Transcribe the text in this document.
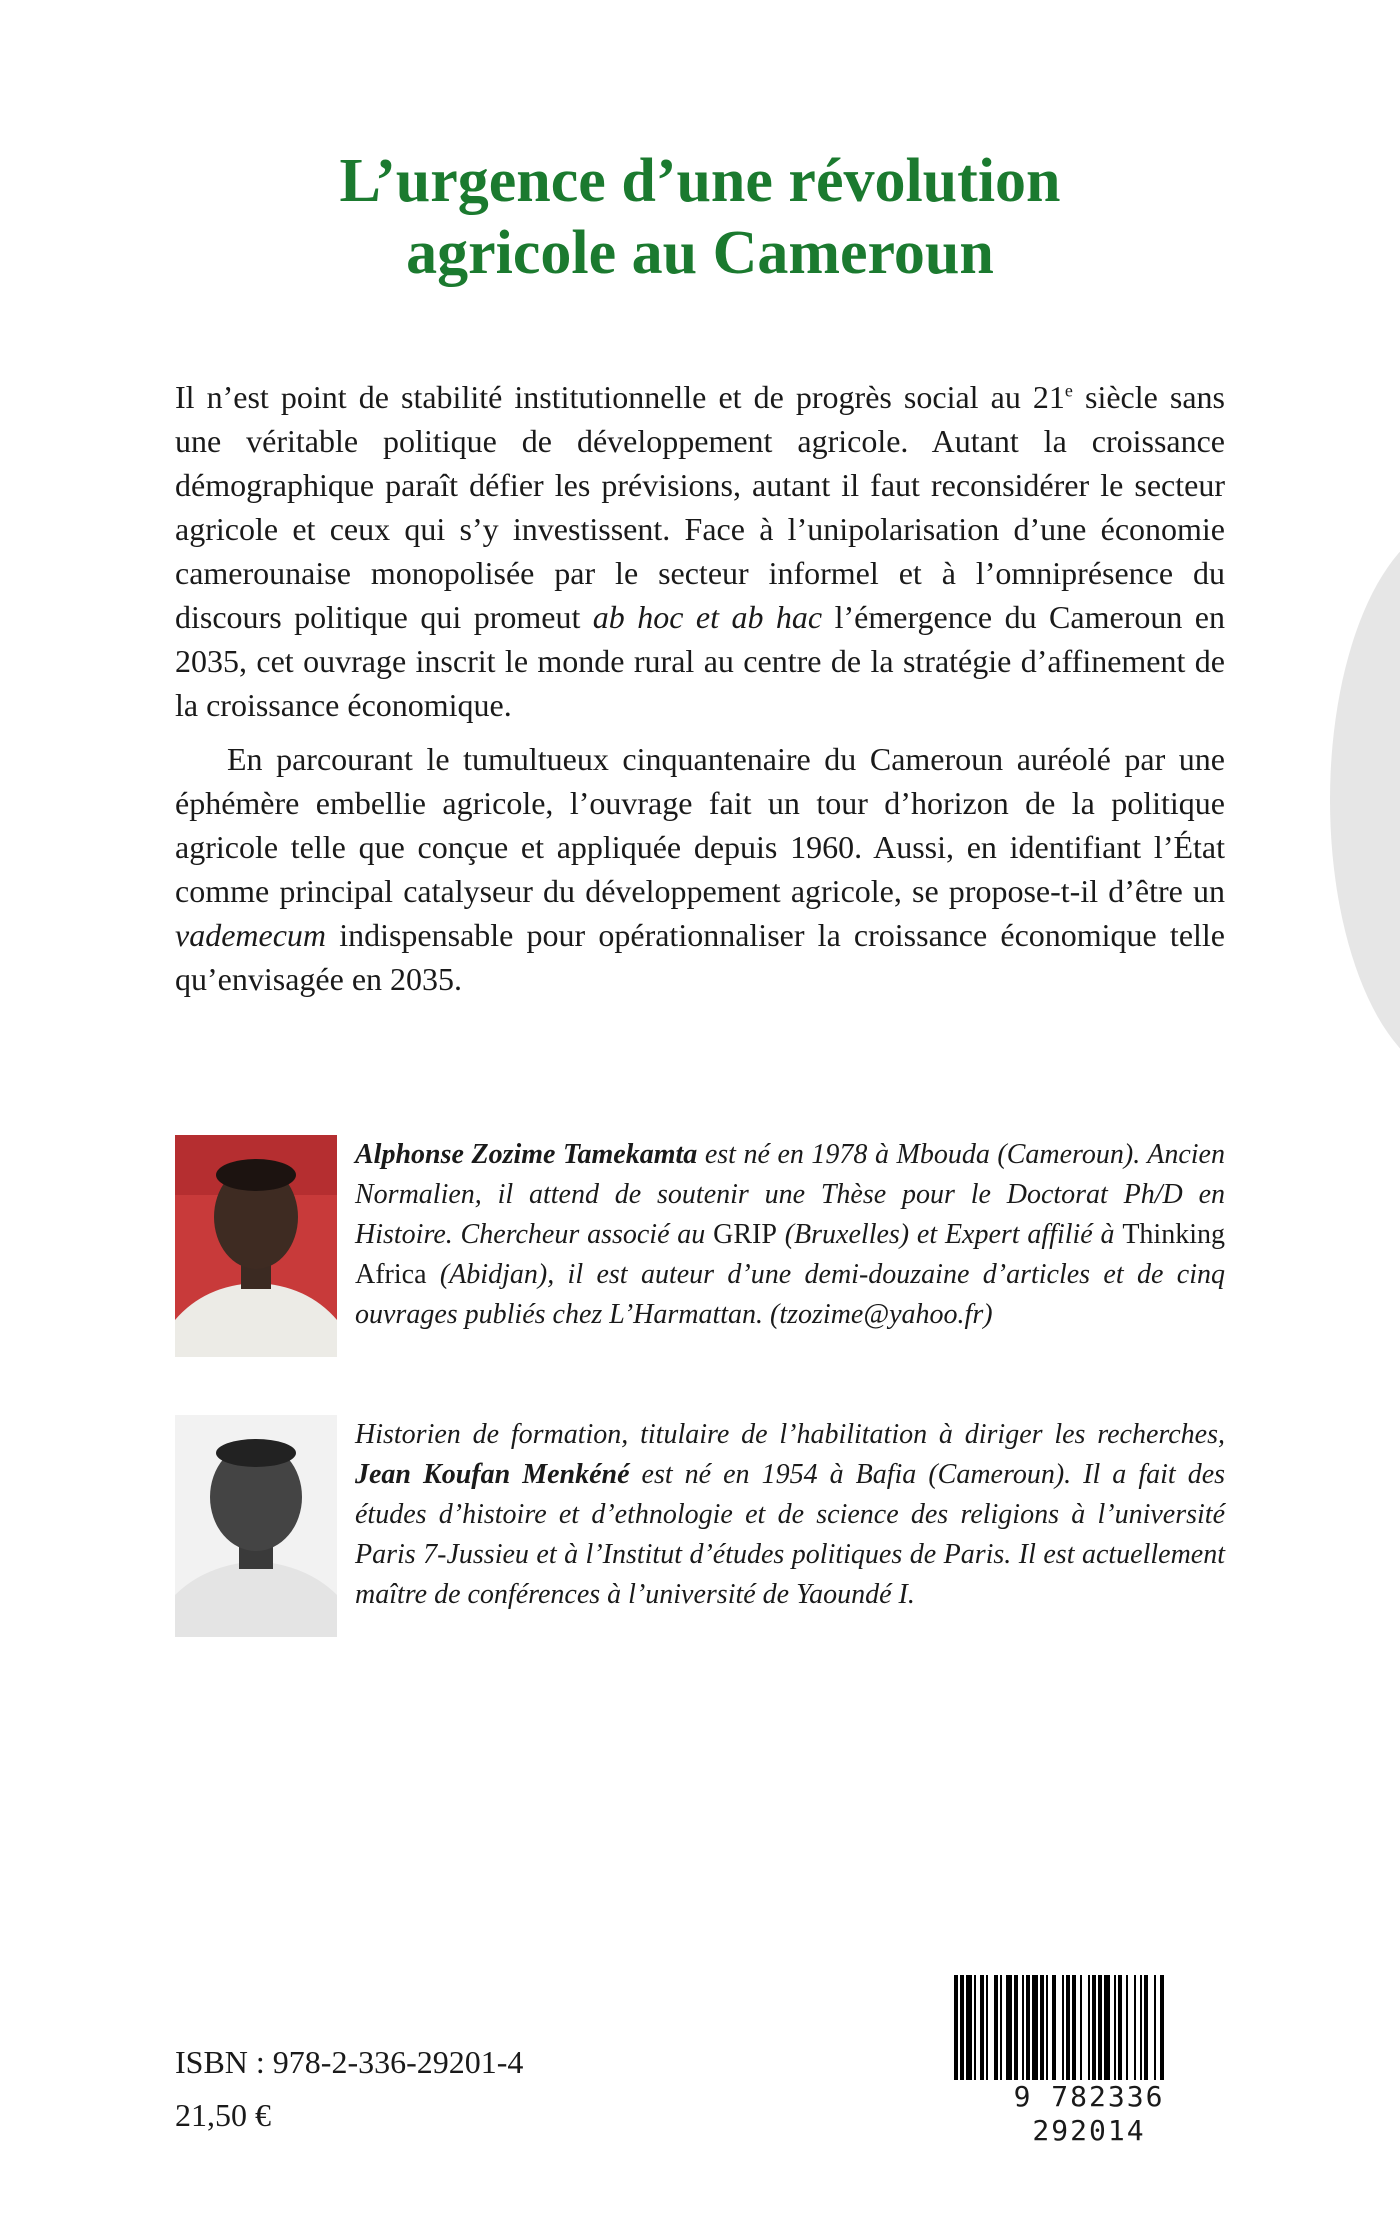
L’urgence d’une révolution
agricole au Cameroun

Il n’est point de stabilité institutionnelle et de progrès social au 21e siècle sans une véritable politique de développement agricole. Autant la croissance démographique paraît défier les prévisions, autant il faut reconsidérer le secteur agricole et ceux qui s’y investissent. Face à l’unipolarisation d’une économie camerounaise monopolisée par le secteur informel et à l’omniprésence du discours politique qui promeut ab hoc et ab hac l’émergence du Cameroun en 2035, cet ouvrage inscrit le monde rural au centre de la stratégie d’affinement de la croissance économique.

En parcourant le tumultueux cinquantenaire du Cameroun auréolé par une éphémère embellie agricole, l’ouvrage fait un tour d’horizon de la politique agricole telle que conçue et appliquée depuis 1960. Aussi, en identifiant l’État comme principal catalyseur du développement agricole, se propose-t-il d’être un vademecum indispensable pour opérationnaliser la croissance économique telle qu’envisagée en 2035.

Alphonse Zozime Tamekamta est né en 1978 à Mbouda (Cameroun). Ancien Normalien, il attend de soutenir une Thèse pour le Doctorat Ph/D en Histoire. Chercheur associé au GRIP (Bruxelles) et Expert affilié à Thinking Africa (Abidjan), il est auteur d’une demi-douzaine d’articles et de cinq ouvrages publiés chez L’Harmattan. (tzozime@yahoo.fr)

Historien de formation, titulaire de l’habilitation à diriger les recherches, Jean Koufan Menkéné est né en 1954 à Bafia (Cameroun). Il a fait des études d’histoire et d’ethnologie et de science des religions à l’université Paris 7-Jussieu et à l’Institut d’études politiques de Paris. Il est actuellement maître de conférences à l’université de Yaoundé I.

ISBN : 978-2-336-29201-4
21,50 €
9 782336 292014
